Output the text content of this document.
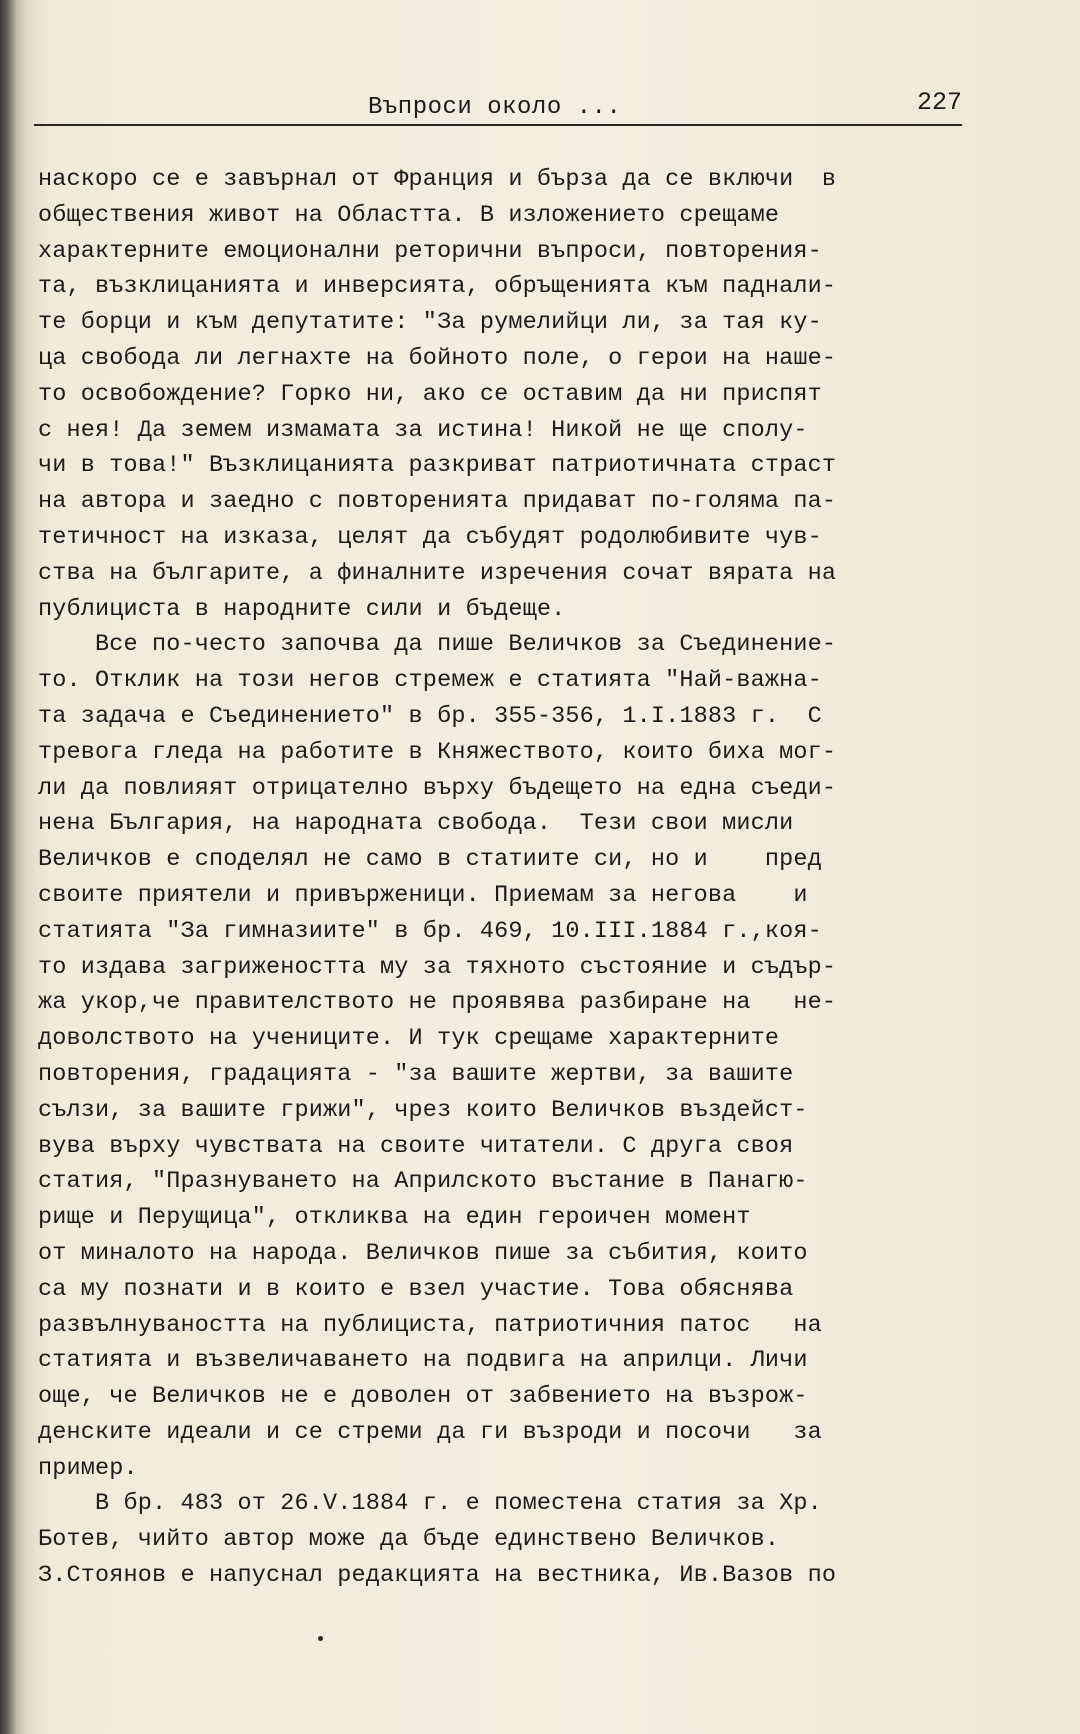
Въпроси около ...	227
наскоро се е завърнал от Франция и бърза да се включи  в
обществения живот на Областта. В изложението срещаме
характерните емоционални реторични въпроси, повторения-
та, възклицанията и инверсията, обръщенията към паднали-
те борци и към депутатите: "За румелийци ли, за тая ку-
ца свобода ли легнахте на бойното поле, о герои на наше-
то освобождение? Горко ни, ако се оставим да ни приспят
с нея! Да земем измамата за истина! Никой не ще сполу-
чи в това!" Възклицанията разкриват патриотичната страст
на автора и заедно с повторенията придават по-голяма па-
тетичност на изказа, целят да събудят родолюбивите чув-
ства на българите, а финалните изречения сочат вярата на
публициста в народните сили и бъдеще.
Все по-често започва да пише Величков за Съединение-
то. Отклик на този негов стремеж е статията "Най-важна-
та задача е Съединението" в бр. 355-356, 1.I.1883 г.  С
тревога гледа на работите в Княжеството, които биха мог-
ли да повлияят отрицателно върху бъдещето на една съеди-
нена България, на народната свобода.  Тези свои мисли
Величков е споделял не само в статиите си, но и    пред
своите приятели и привърженици. Приемам за негова    и
статията "За гимназиите" в бр. 469, 10.III.1884 г.,коя-
то издава загрижеността му за тяхното състояние и съдър-
жа укор,че правителството не проявява разбиране на   не-
доволството на учениците. И тук срещаме характерните
повторения, градацията - "за вашите жертви, за вашите
сълзи, за вашите грижи", чрез които Величков въздейст-
вува върху чувствата на своите читатели. С друга своя
статия, "Празнуването на Априлското въстание в Панагю-
рище и Перущица", откликва на един героичен момент
от миналото на народа. Величков пише за събития, които
са му познати и в които е взел участие. Това обяснява
развълнуваността на публициста, патриотичния патос   на
статията и възвеличаването на подвига на априлци. Личи
още, че Величков не е доволен от забвението на възрож-
денските идеали и се стреми да ги възроди и посочи   за
пример.
В бр. 483 от 26.V.1884 г. е поместена статия за Хр.
Ботев, чийто автор може да бъде единствено Величков.
З.Стоянов е напуснал редакцията на вестника, Ив.Вазов по
